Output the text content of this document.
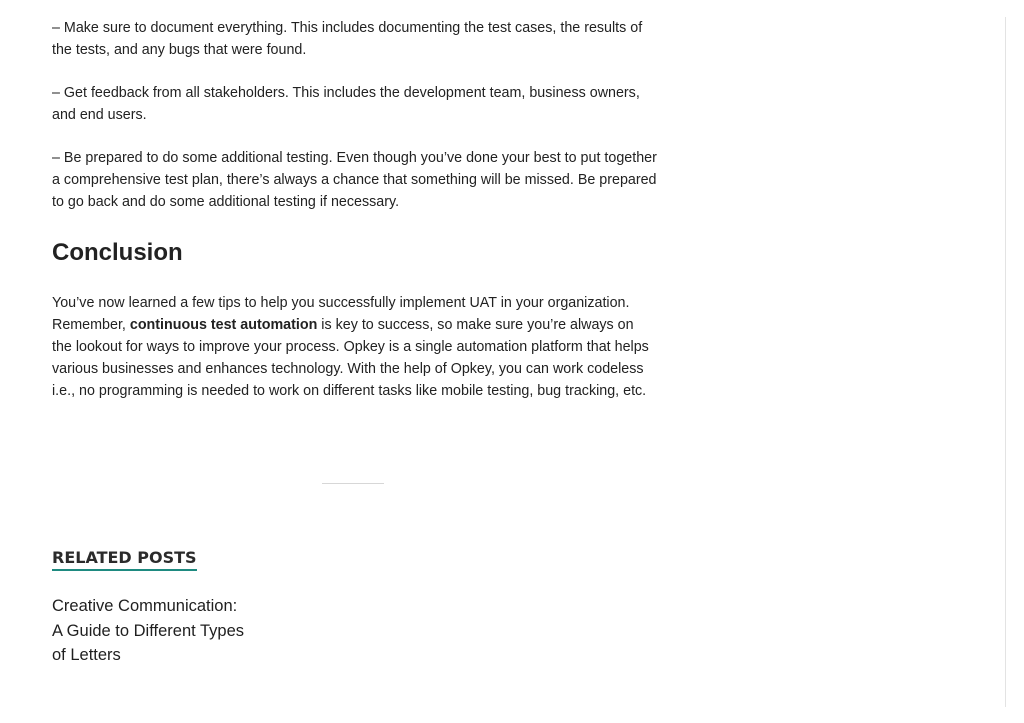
– Make sure to document everything. This includes documenting the test cases, the results of the tests, and any bugs that were found.

– Get feedback from all stakeholders. This includes the development team, business owners, and end users.

– Be prepared to do some additional testing. Even though you’ve done your best to put together a comprehensive test plan, there’s always a chance that something will be missed. Be prepared to go back and do some additional testing if necessary.

Conclusion

You’ve now learned a few tips to help you successfully implement UAT in your organization. Remember, continuous test automation is key to success, so make sure you’re always on the lookout for ways to improve your process. Opkey is a single automation platform that helps various businesses and enhances technology. With the help of Opkey, you can work codeless i.e., no programming is needed to work on different tasks like mobile testing, bug tracking, etc.

RELATED POSTS
Creative Communication: A Guide to Different Types of Letters
